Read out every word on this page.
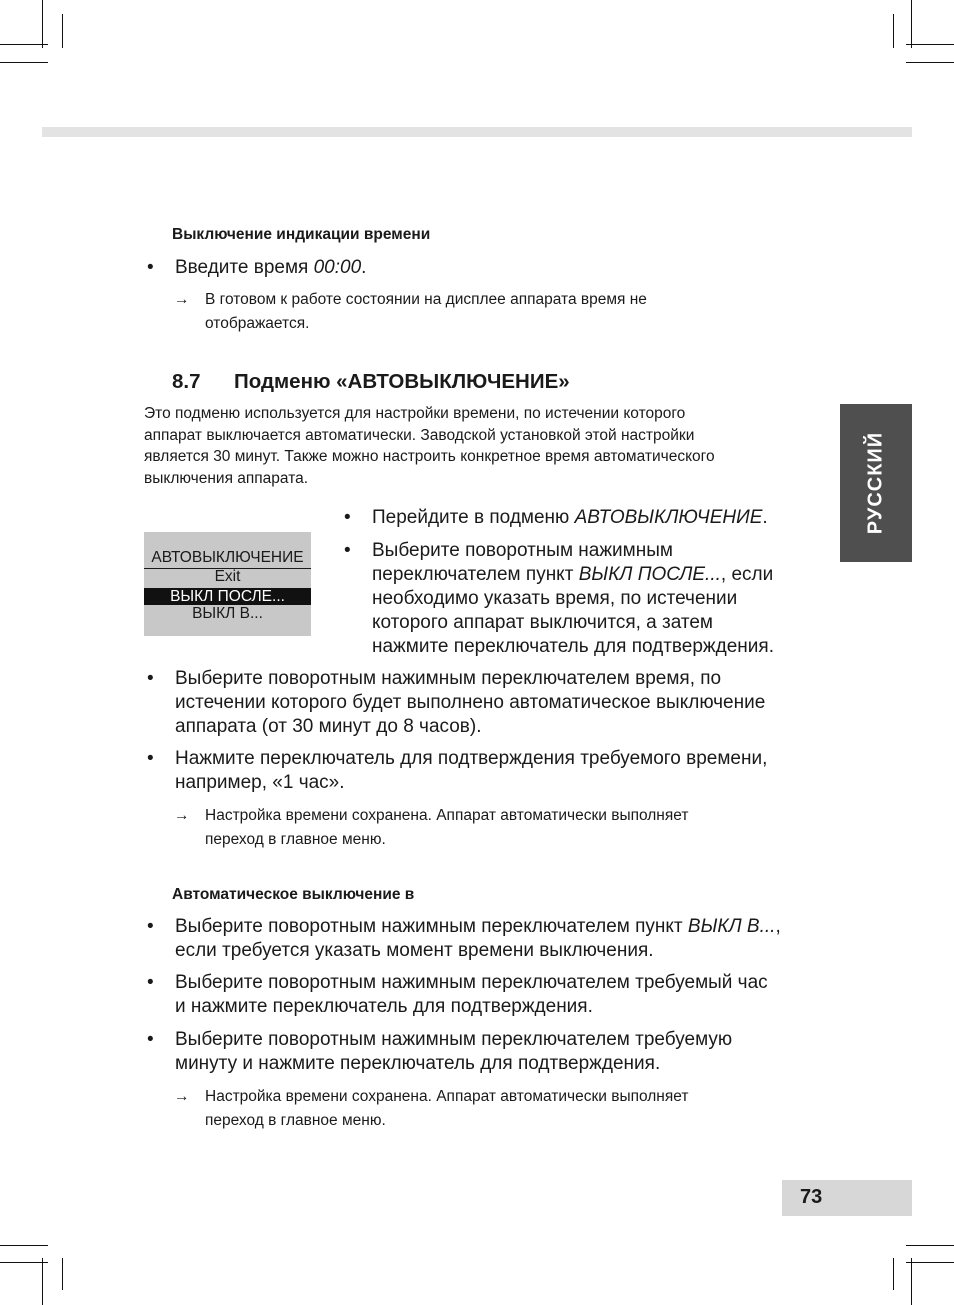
Выключение индикации времени
• Введите время 00:00.
→ В готовом к работе состоянии на дисплее аппарата время не
отображается.
8.7 Подменю «АВТОВЫКЛЮЧЕНИЕ»
Это подменю используется для настройки времени, по истечении которого
аппарат выключается автоматически. Заводской установкой этой настройки
является 30 минут. Также можно настроить конкретное время автоматического
выключения аппарата.
АВТОВЫКЛЮЧЕНИЕ
Exit
ВЫКЛ ПОСЛЕ...
ВЫКЛ В...
• Перейдите в подменю АВТОВЫКЛЮЧЕНИЕ.
• Выберите поворотным нажимным
переключателем пункт ВЫКЛ ПОСЛЕ..., если
необходимо указать время, по истечении
которого аппарат выключится, а затем
нажмите переключатель для подтверждения.
• Выберите поворотным нажимным переключателем время, по
истечении которого будет выполнено автоматическое выключение
аппарата (от 30 минут до 8 часов).
• Нажмите переключатель для подтверждения требуемого времени,
например, «1 час».
→ Настройка времени сохранена. Аппарат автоматически выполняет
переход в главное меню.
Автоматическое выключение в
• Выберите поворотным нажимным переключателем пункт ВЫКЛ В...,
если требуется указать момент времени выключения.
• Выберите поворотным нажимным переключателем требуемый час
и нажмите переключатель для подтверждения.
• Выберите поворотным нажимным переключателем требуемую
минуту и нажмите переключатель для подтверждения.
→ Настройка времени сохранена. Аппарат автоматически выполняет
переход в главное меню.
РУССКИЙ
73
